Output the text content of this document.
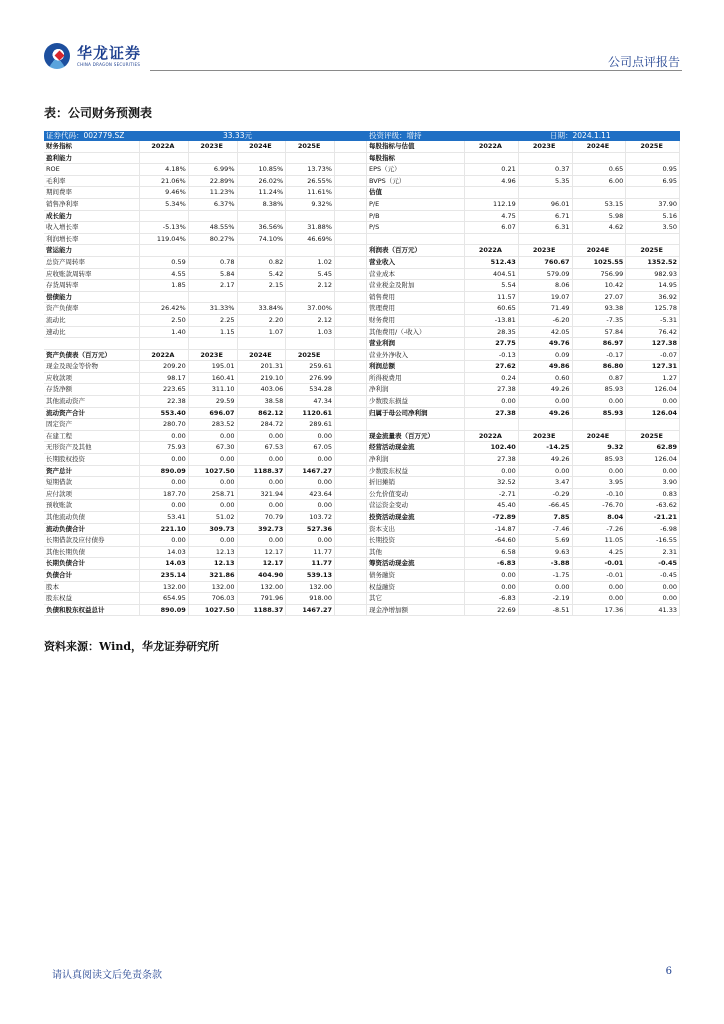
华龙证券
CHINA DRAGON SECURITIES	公司点评报告
表：公司财务预测表
证券代码：002779.SZ	33.33元	投资评级：增持	日期：2024.1.11
财务指标	2022A	2023E	2024E	2025E
盈利能力
ROE	4.18%	6.99%	10.85%	13.73%
毛利率	21.06%	22.89%	26.02%	26.55%
期间费率	9.46%	11.23%	11.24%	11.61%
销售净利率	5.34%	6.37%	8.38%	9.32%
成长能力
收入增长率	-5.13%	48.55%	36.56%	31.88%
利润增长率	119.04%	80.27%	74.10%	46.69%
营运能力
总资产周转率	0.59	0.78	0.82	1.02
应收账款周转率	4.55	5.84	5.42	5.45
存货周转率	1.85	2.17	2.15	2.12
偿债能力
资产负债率	26.42%	31.33%	33.84%	37.00%
流动比	2.50	2.25	2.20	2.12
速动比	1.40	1.15	1.07	1.03
资产负债表（百万元）	2022A	2023E	2024E	2025E
现金及现金等价物	209.20	195.01	201.31	259.61
应收款项	98.17	160.41	219.10	276.99
存货净额	223.65	311.10	403.06	534.28
其他流动资产	22.38	29.59	38.58	47.34
流动资产合计	553.40	696.07	862.12	1120.61
固定资产	280.70	283.52	284.72	289.61
在建工程	0.00	0.00	0.00	0.00
无形资产及其他	75.93	67.30	67.53	67.05
长期股权投资	0.00	0.00	0.00	0.00
资产总计	890.09	1027.50	1188.37	1467.27
短期借款	0.00	0.00	0.00	0.00
应付款项	187.70	258.71	321.94	423.64
预收账款	0.00	0.00	0.00	0.00
其他流动负债	53.41	51.02	70.79	103.72
流动负债合计	221.10	309.73	392.73	527.36
长期借款及应付债券	0.00	0.00	0.00	0.00
其他长期负债	14.03	12.13	12.17	11.77
长期负债合计	14.03	12.13	12.17	11.77
负债合计	235.14	321.86	404.90	539.13
股本	132.00	132.00	132.00	132.00
股东权益	654.95	706.03	791.96	918.00
负债和股东权益总计	890.09	1027.50	1188.37	1467.27
每股指标与估值	2022A	2023E	2024E	2025E
每股指标
EPS（元）	0.21	0.37	0.65	0.95
BVPS（元）	4.96	5.35	6.00	6.95
估值
P/E	112.19	96.01	53.15	37.90
P/B	4.75	6.71	5.98	5.16
P/S	6.07	6.31	4.62	3.50
利润表（百万元）	2022A	2023E	2024E	2025E
营业收入	512.43	760.67	1025.55	1352.52
营业成本	404.51	579.09	756.99	982.93
营业税金及附加	5.54	8.06	10.42	14.95
销售费用	11.57	19.07	27.07	36.92
管理费用	60.65	71.49	93.38	125.78
财务费用	-13.81	-6.20	-7.35	-5.31
其他费用/（-收入）	28.35	42.05	57.84	76.42
营业利润	27.75	49.76	86.97	127.38
营业外净收入	-0.13	0.09	-0.17	-0.07
利润总额	27.62	49.86	86.80	127.31
所得税费用	0.24	0.60	0.87	1.27
净利润	27.38	49.26	85.93	126.04
少数股东损益	0.00	0.00	0.00	0.00
归属于母公司净利润	27.38	49.26	85.93	126.04
现金流量表（百万元）	2022A	2023E	2024E	2025E
经营活动现金流	102.40	-14.25	9.32	62.89
净利润	27.38	49.26	85.93	126.04
少数股东权益	0.00	0.00	0.00	0.00
折旧摊销	32.52	3.47	3.95	3.90
公允价值变动	-2.71	-0.29	-0.10	0.83
营运资金变动	45.40	-66.45	-76.70	-63.62
投资活动现金流	-72.89	7.85	8.04	-21.21
资本支出	-14.87	-7.46	-7.26	-6.98
长期投资	-64.60	5.69	11.05	-16.55
其他	6.58	9.63	4.25	2.31
筹资活动现金流	-6.83	-3.88	-0.01	-0.45
债务融资	0.00	-1.75	-0.01	-0.45
权益融资	0.00	0.00	0.00	0.00
其它	-6.83	-2.19	0.00	0.00
现金净增加额	22.69	-8.51	17.36	41.33
资料来源：Wind，华龙证券研究所
请认真阅读文后免责条款	6
